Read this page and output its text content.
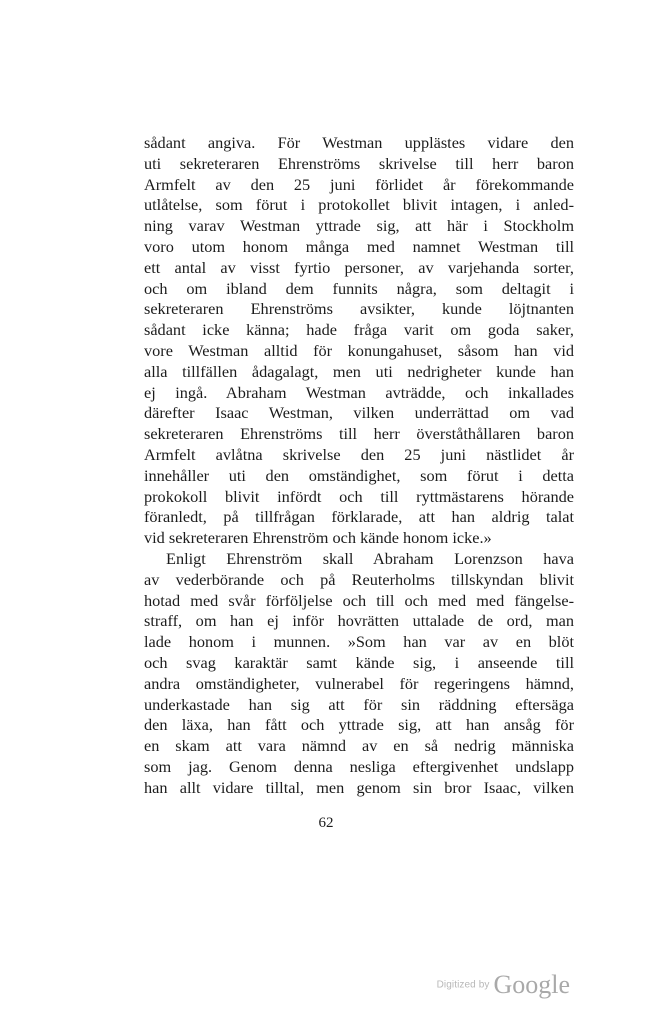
sådant angiva. För Westman upplästes vidare den
uti sekreteraren Ehrenströms skrivelse till herr baron
Armfelt av den 25 juni förlidet år förekommande
utlåtelse, som förut i protokollet blivit intagen, i anled-
ning varav Westman yttrade sig, att här i Stockholm
voro utom honom många med namnet Westman till
ett antal av visst fyrtio personer, av varjehanda sorter,
och om ibland dem funnits några, som deltagit i
sekreteraren Ehrenströms avsikter, kunde löjtnanten
sådant icke känna; hade fråga varit om goda saker,
vore Westman alltid för konungahuset, såsom han vid
alla tillfällen ådagalagt, men uti nedrigheter kunde han
ej ingå. Abraham Westman avträdde, och inkallades
därefter Isaac Westman, vilken underrättad om vad
sekreteraren Ehrenströms till herr överståthållaren baron
Armfelt avlåtna skrivelse den 25 juni nästlidet år
innehåller uti den omständighet, som förut i detta
prokokoll blivit infördt och till ryttmästarens hörande
föranledt, på tillfrågan förklarade, att han aldrig talat
vid sekreteraren Ehrenström och kände honom icke.»
Enligt Ehrenström skall Abraham Lorenzson hava
av vederbörande och på Reuterholms tillskyndan blivit
hotad med svår förföljelse och till och med med fängelse-
straff, om han ej inför hovrätten uttalade de ord, man
lade honom i munnen. »Som han var av en blöt
och svag karaktär samt kände sig, i anseende till
andra omständigheter, vulnerabel för regeringens hämnd,
underkastade han sig att för sin räddning eftersäga
den läxa, han fått och yttrade sig, att han ansåg för
en skam att vara nämnd av en så nedrig människa
som jag. Genom denna nesliga eftergivenhet undslapp
han allt vidare tilltal, men genom sin bror Isaac, vilken
62
Digitized by Google
